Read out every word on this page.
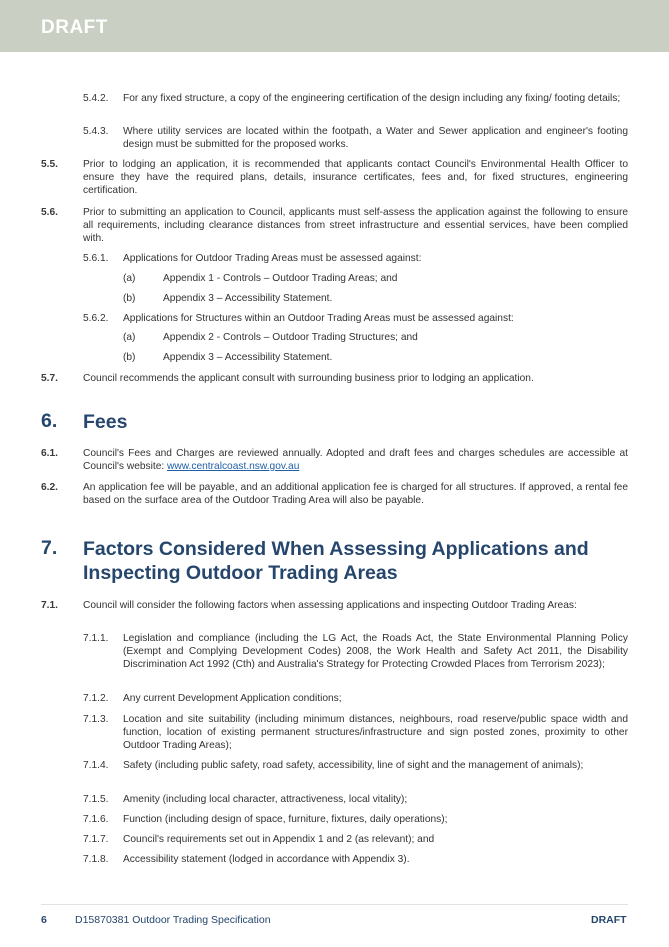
DRAFT
5.4.2. For any fixed structure, a copy of the engineering certification of the design including any fixing/ footing details;
5.4.3. Where utility services are located within the footpath, a Water and Sewer application and engineer's footing design must be submitted for the proposed works.
5.5. Prior to lodging an application, it is recommended that applicants contact Council's Environmental Health Officer to ensure they have the required plans, details, insurance certificates, fees and, for fixed structures, engineering certification.
5.6. Prior to submitting an application to Council, applicants must self-assess the application against the following to ensure all requirements, including clearance distances from street infrastructure and essential services, have been complied with.
5.6.1. Applications for Outdoor Trading Areas must be assessed against:
(a)	Appendix 1 - Controls – Outdoor Trading Areas; and
(b)	Appendix 3 – Accessibility Statement.
5.6.2. Applications for Structures within an Outdoor Trading Areas must be assessed against:
(a)	Appendix 2 - Controls – Outdoor Trading Structures; and
(b)	Appendix 3 – Accessibility Statement.
5.7. Council recommends the applicant consult with surrounding business prior to lodging an application.
6. Fees
6.1. Council's Fees and Charges are reviewed annually. Adopted and draft fees and charges schedules are accessible at Council's website: www.centralcoast.nsw.gov.au
6.2. An application fee will be payable, and an additional application fee is charged for all structures. If approved, a rental fee based on the surface area of the Outdoor Trading Area will also be payable.
7. Factors Considered When Assessing Applications and
Inspecting Outdoor Trading Areas
7.1. Council will consider the following factors when assessing applications and inspecting Outdoor Trading Areas:
7.1.1. Legislation and compliance (including the LG Act, the Roads Act, the State Environmental Planning Policy (Exempt and Complying Development Codes) 2008, the Work Health and Safety Act 2011, the Disability Discrimination Act 1992 (Cth) and Australia's Strategy for Protecting Crowded Places from Terrorism 2023);
7.1.2. Any current Development Application conditions;
7.1.3. Location and site suitability (including minimum distances, neighbours, road reserve/public space width and function, location of existing permanent structures/infrastructure and sign posted zones, proximity to other Outdoor Trading Areas);
7.1.4. Safety (including public safety, road safety, accessibility, line of sight and the management of animals);
7.1.5. Amenity (including local character, attractiveness, local vitality);
7.1.6. Function (including design of space, furniture, fixtures, daily operations);
7.1.7. Council's requirements set out in Appendix 1 and 2 (as relevant); and
7.1.8. Accessibility statement (lodged in accordance with Appendix 3).
6	D15870381 Outdoor Trading Specification	DRAFT
